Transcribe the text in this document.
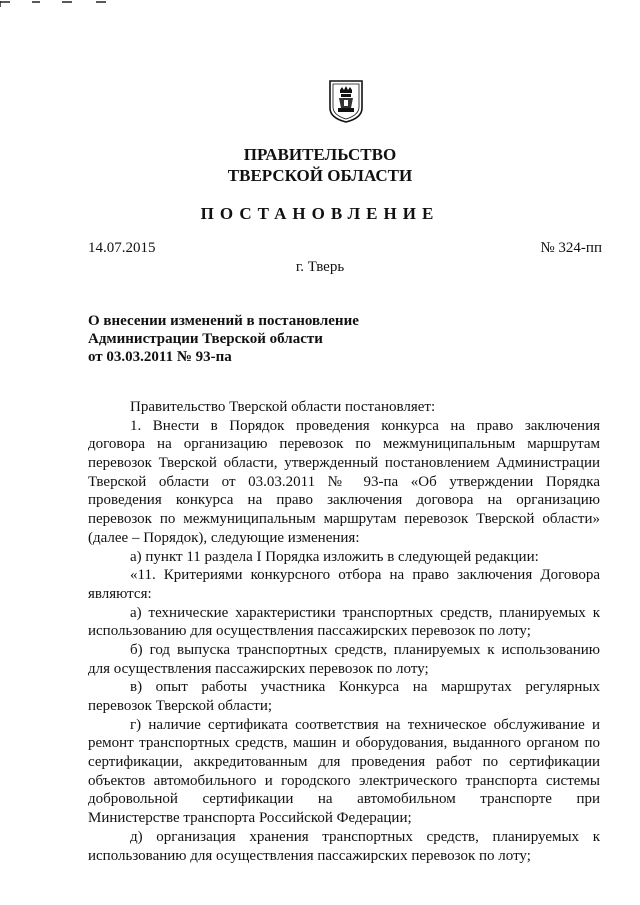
ПРАВИТЕЛЬСТВО
ТВЕРСКОЙ ОБЛАСТИ
ПОСТАНОВЛЕНИЕ
14.07.2015	№ 324-пп
г. Тверь
О внесении изменений в постановление
Администрации Тверской области
от 03.03.2011 № 93-па
Правительство Тверской области постановляет:
1. Внести в Порядок проведения конкурса на право заключения
договора на организацию перевозок по межмуниципальным маршрутам
перевозок Тверской области, утвержденный постановлением Администрации
Тверской области от 03.03.2011 № 93-па «Об утверждении Порядка
проведения конкурса на право заключения договора на организацию
перевозок по межмуниципальным маршрутам перевозок Тверской области»
(далее – Порядок), следующие изменения:
а) пункт 11 раздела I Порядка изложить в следующей редакции:
«11. Критериями конкурсного отбора на право заключения Договора
являются:
а) технические характеристики транспортных средств, планируемых к
использованию для осуществления пассажирских перевозок по лоту;
б) год выпуска транспортных средств, планируемых к использованию
для осуществления пассажирских перевозок по лоту;
в) опыт работы участника Конкурса на маршрутах регулярных
перевозок Тверской области;
г) наличие сертификата соответствия на техническое обслуживание и
ремонт транспортных средств, машин и оборудования, выданного органом по
сертификации, аккредитованным для проведения работ по сертификации
объектов автомобильного и городского электрического транспорта системы
добровольной сертификации на автомобильном транспорте при
Министерстве транспорта Российской Федерации;
д) организация хранения транспортных средств, планируемых к
использованию для осуществления пассажирских перевозок по лоту;
